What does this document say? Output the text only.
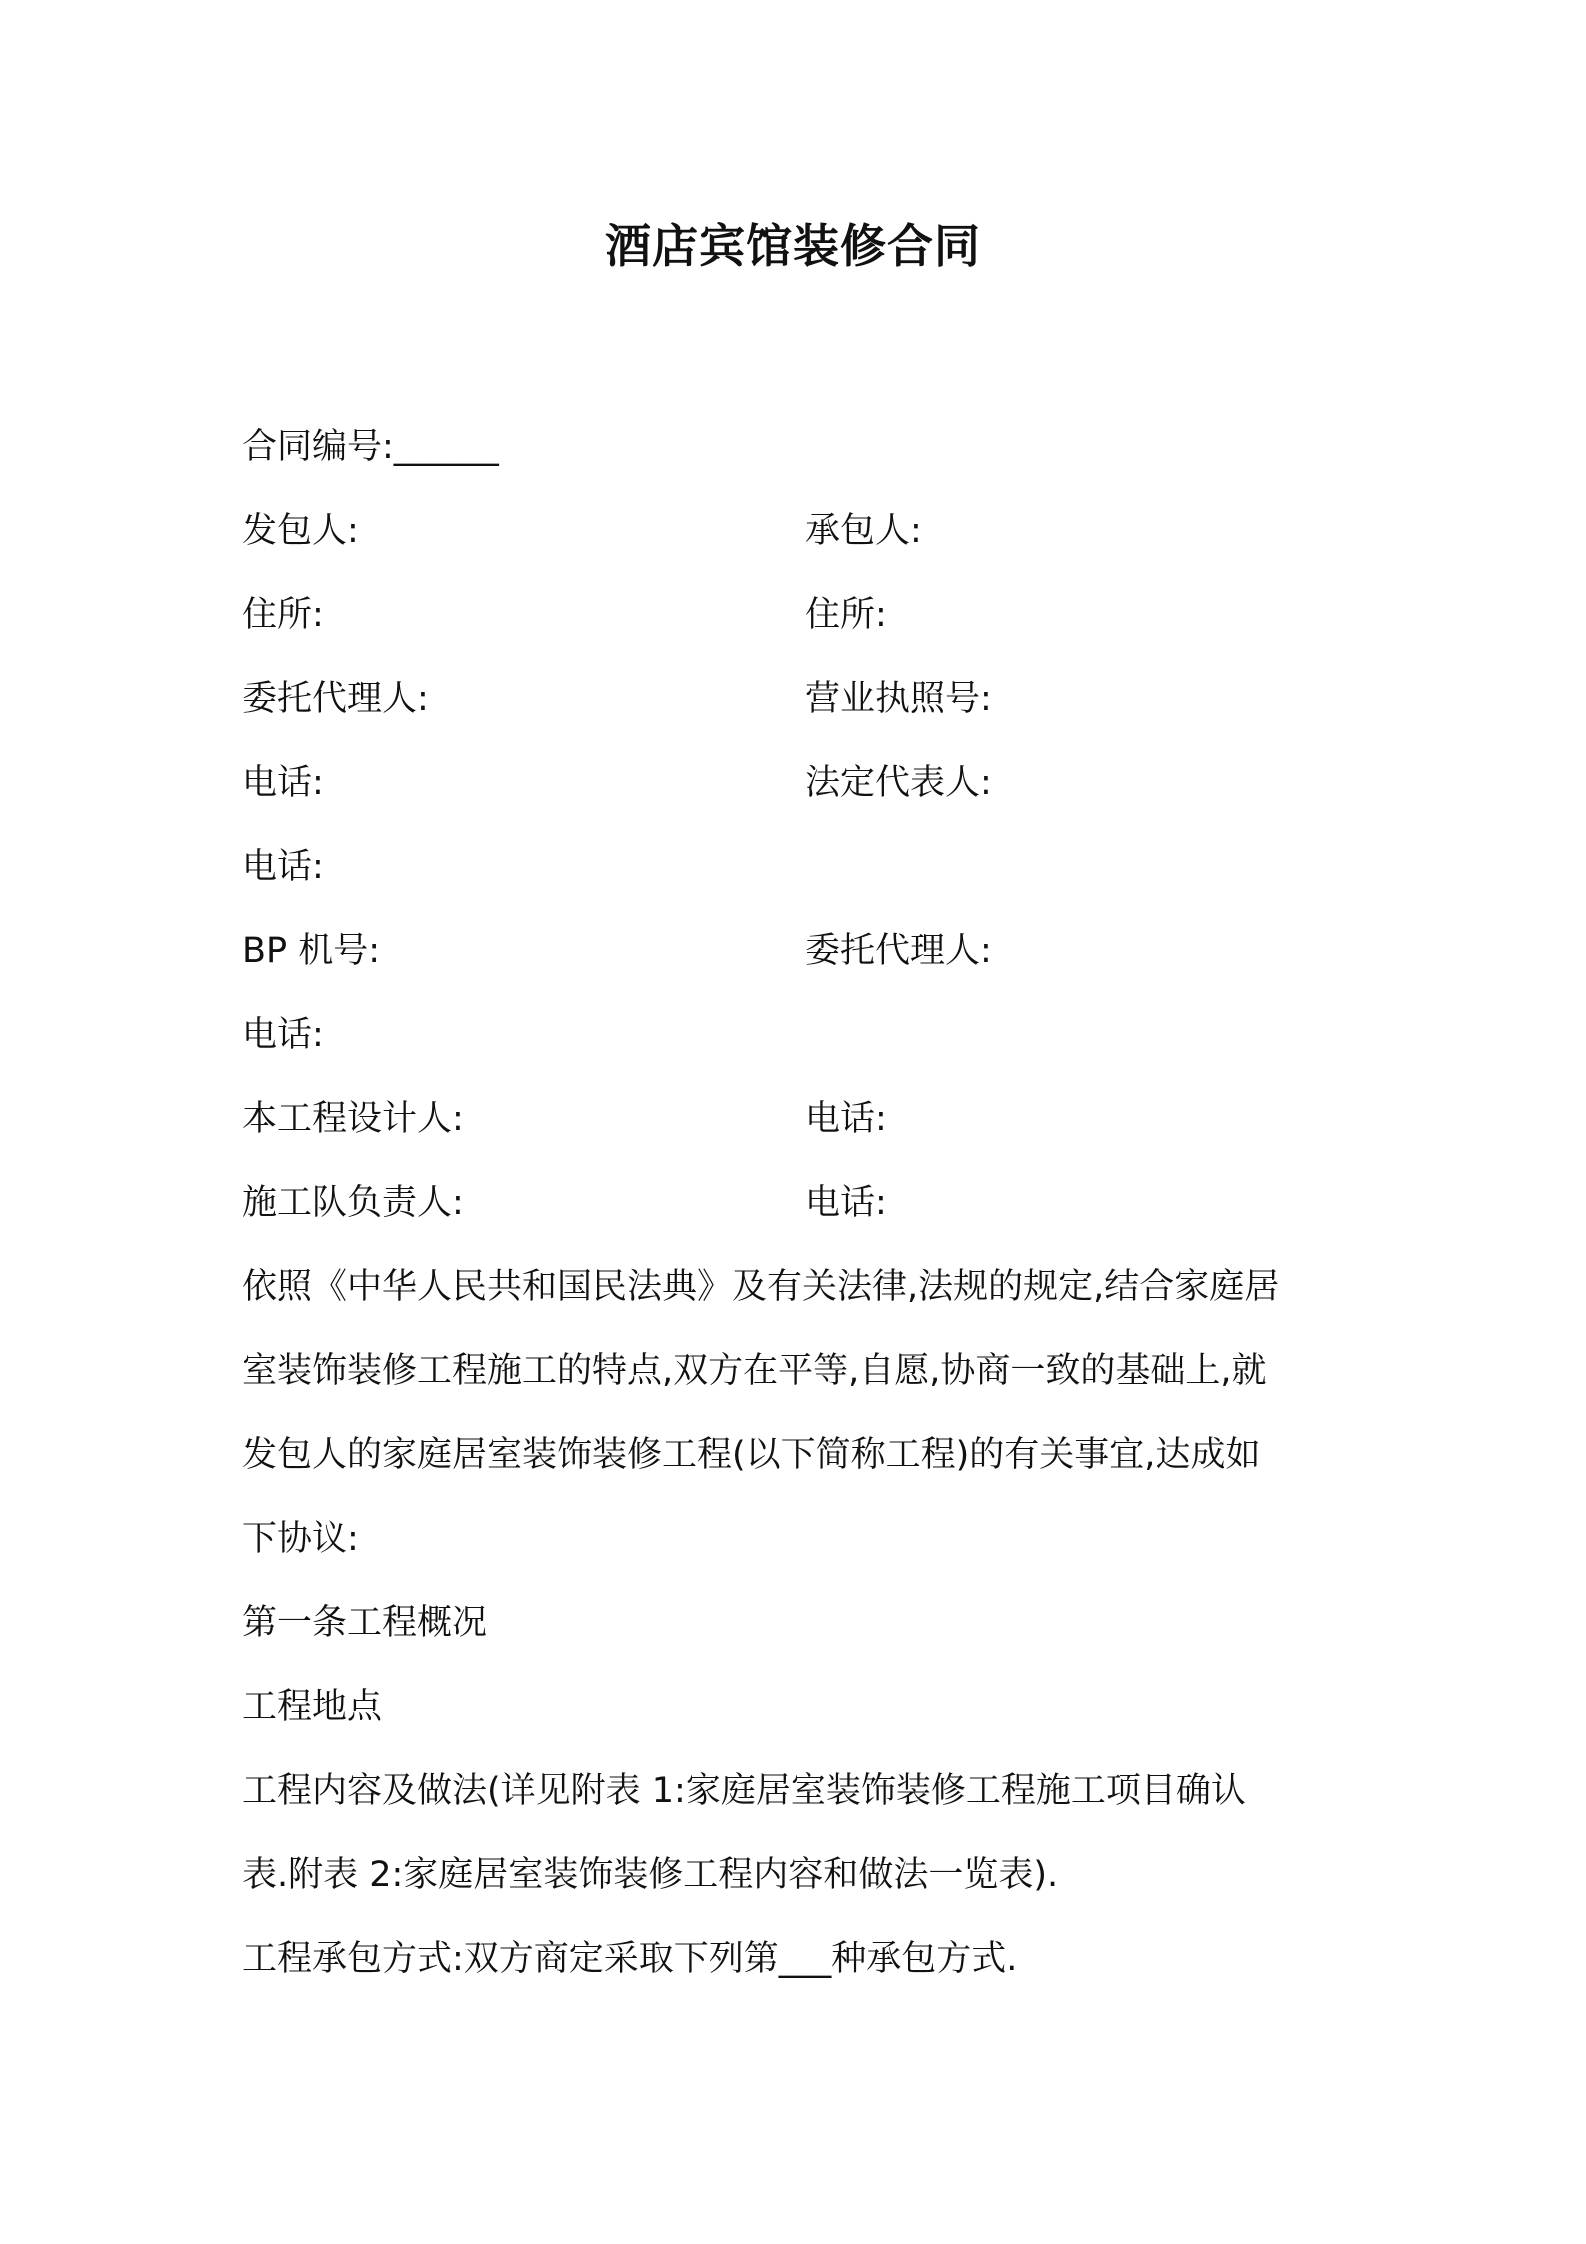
酒店宾馆装修合同
合同编号:______
发包人:	承包人:
住所:	住所:
委托代理人:	营业执照号:
电话:	法定代表人:
电话:
BP 机号:	委托代理人:
电话:
本工程设计人:	电话:
施工队负责人:	电话:
依照《中华人民共和国民法典》及有关法律,法规的规定,结合家庭居
室装饰装修工程施工的特点,双方在平等,自愿,协商一致的基础上,就
发包人的家庭居室装饰装修工程(以下简称工程)的有关事宜,达成如
下协议:
第一条工程概况
工程地点
工程内容及做法(详见附表 1:家庭居室装饰装修工程施工项目确认
表.附表 2:家庭居室装饰装修工程内容和做法一览表).
工程承包方式:双方商定采取下列第___种承包方式.
